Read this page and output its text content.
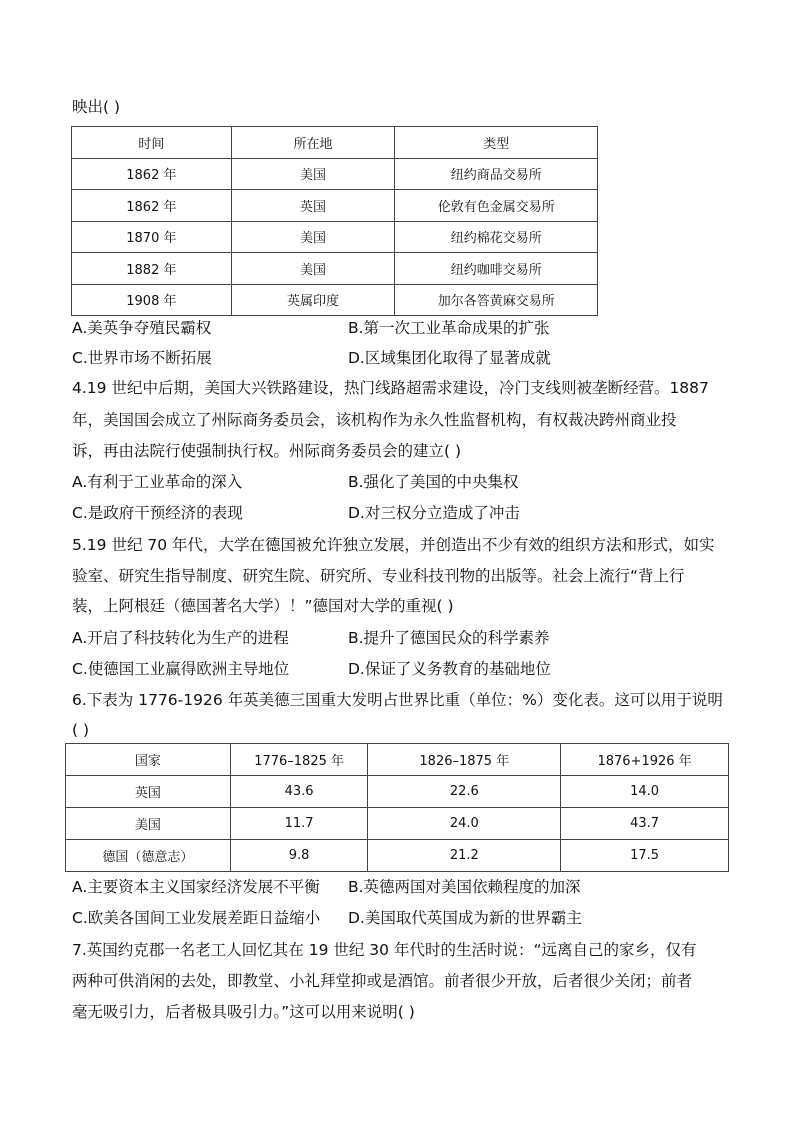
映出( )
时间	所在地	类型
1862 年	美国	纽约商品交易所
1862 年	英国	伦敦有色金属交易所
1870 年	美国	纽约棉花交易所
1882 年	美国	纽约咖啡交易所
1908 年	英属印度	加尔各答黄麻交易所
A.美英争夺殖民霸权	B.第一次工业革命成果的扩张
C.世界市场不断拓展	D.区域集团化取得了显著成就
4.19 世纪中后期，美国大兴铁路建设，热门线路超需求建设，冷门支线则被垄断经营。1887
年，美国国会成立了州际商务委员会，该机构作为永久性监督机构，有权裁决跨州商业投
诉，再由法院行使强制执行权。州际商务委员会的建立( )
A.有利于工业革命的深入	B.强化了美国的中央集权
C.是政府干预经济的表现	D.对三权分立造成了冲击
5.19 世纪 70 年代，大学在德国被允许独立发展，并创造出不少有效的组织方法和形式，如实
验室、研究生指导制度、研究生院、研究所、专业科技刊物的出版等。社会上流行“背上行
装，上阿根廷（德国著名大学）！”德国对大学的重视( )
A.开启了科技转化为生产的进程	B.提升了德国民众的科学素养
C.使德国工业赢得欧洲主导地位	D.保证了义务教育的基础地位
6.下表为 1776-1926 年英美德三国重大发明占世界比重（单位：%）变化表。这可以用于说明
( )
国家	1776–1825 年	1826–1875 年	1876+1926 年
英国	43.6	22.6	14.0
美国	11.7	24.0	43.7
德国（德意志）	9.8	21.2	17.5
A.主要资本主义国家经济发展不平衡 B.英德两国对美国依赖程度的加深
C.欧美各国间工业发展差距日益缩小 D.美国取代英国成为新的世界霸主
7.英国约克郡一名老工人回忆其在 19 世纪 30 年代时的生活时说：“远离自己的家乡，仅有
两种可供消闲的去处，即教堂、小礼拜堂抑或是酒馆。前者很少开放，后者很少关闭；前者
毫无吸引力，后者极具吸引力。”这可以用来说明( )
